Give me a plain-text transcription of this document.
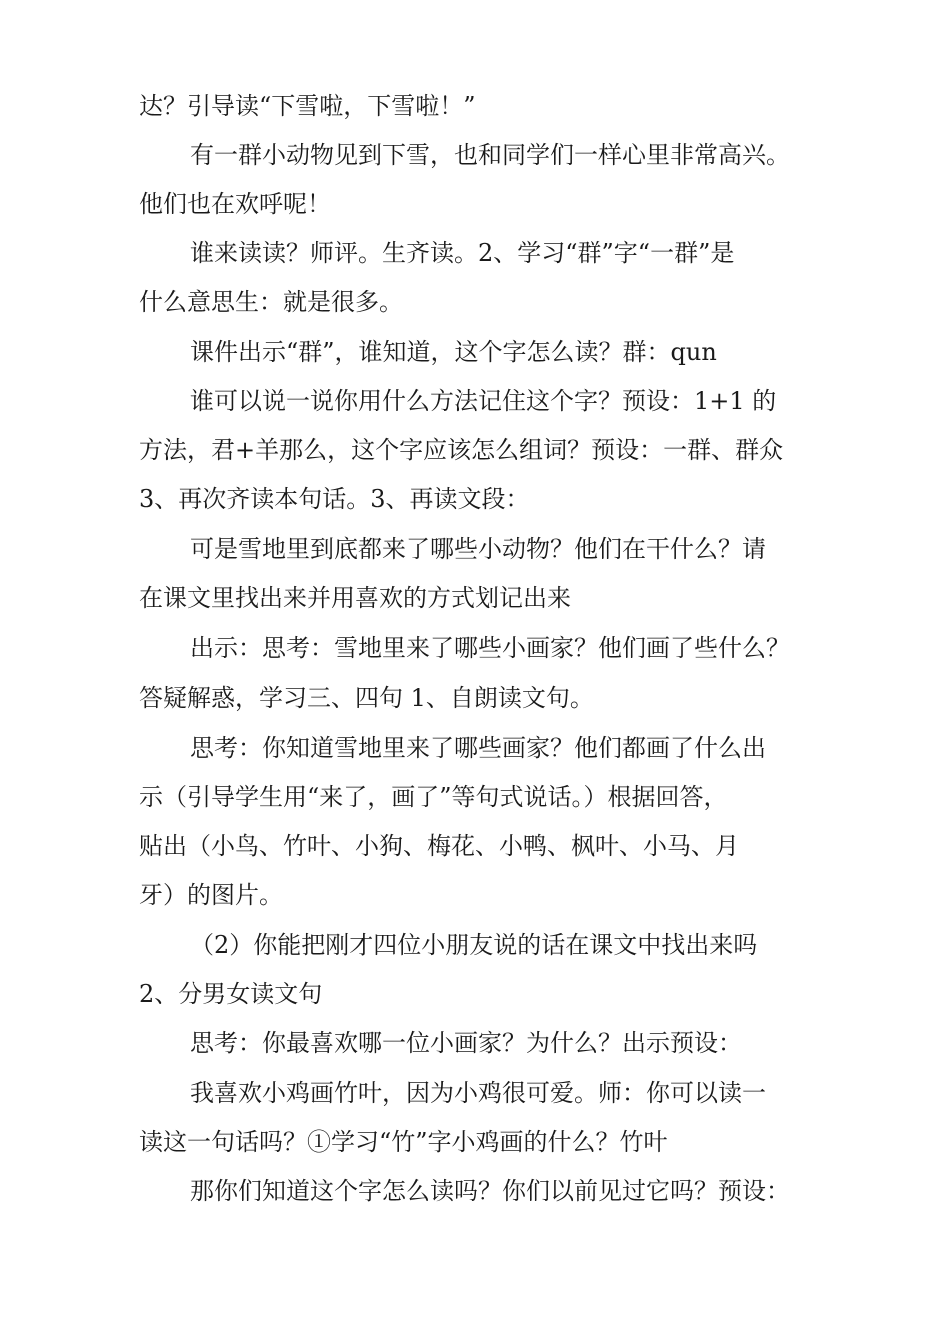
达？引导读“下雪啦，下雪啦！”

有一群小动物见到下雪，也和同学们一样心里非常高兴。

他们也在欢呼呢！

谁来读读？师评。生齐读。2、学习“群”字“一群”是

什么意思生：就是很多。

课件出示“群”，谁知道，这个字怎么读？群：qun

谁可以说一说你用什么方法记住这个字？预设：1+1 的

方法，君+羊那么，这个字应该怎么组词？预设：一群、群众

3、再次齐读本句话。3、再读文段：

可是雪地里到底都来了哪些小动物？他们在干什么？请

在课文里找出来并用喜欢的方式划记出来

出示：思考：雪地里来了哪些小画家？他们画了些什么？

答疑解惑，学习三、四句 1、自朗读文句。

思考：你知道雪地里来了哪些画家？他们都画了什么出

示（引导学生用“来了，画了”等句式说话。）根据回答，

贴出（小鸟、竹叶、小狗、梅花、小鸭、枫叶、小马、月

牙）的图片。

（2）你能把刚才四位小朋友说的话在课文中找出来吗

2、分男女读文句

思考：你最喜欢哪一位小画家？为什么？出示预设：

我喜欢小鸡画竹叶，因为小鸡很可爱。师：你可以读一

读这一句话吗？①学习“竹”字小鸡画的什么？竹叶

那你们知道这个字怎么读吗？你们以前见过它吗？预设：
